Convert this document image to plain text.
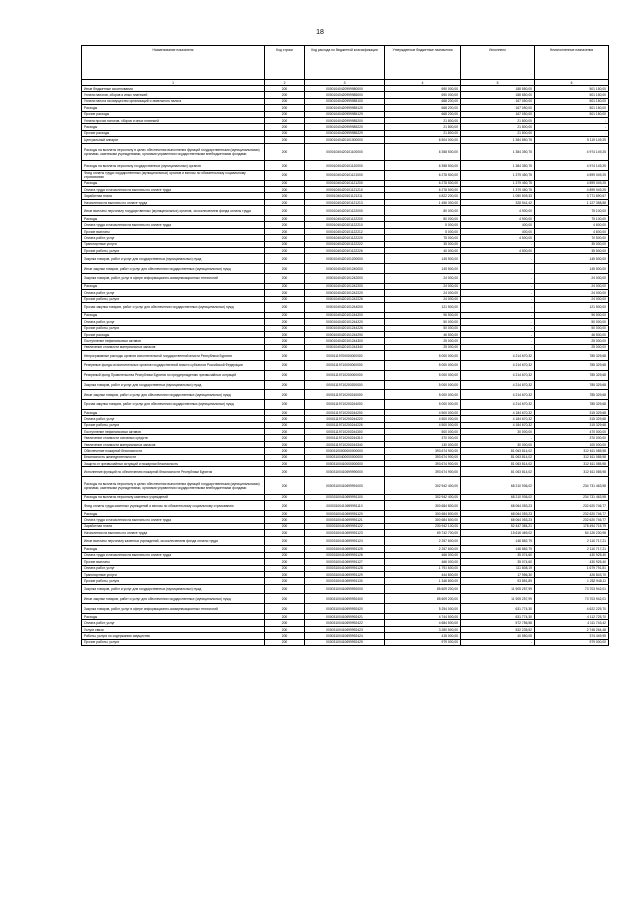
18
Наименование показателя	Код строки	Код расхода по бюджетной классификации	Утвержденные бюджетные назначения	Исполнено	Неисполненные назначения
1	2	3	4	5	6
Иные бюджетные ассигнования	200	00001040420999980000	690 000,00	188 850,00	501 150,00
Уплата налогов, сборов и иных платежей	200	00001040420999985000	690 000,00	188 850,00	501 150,00
Уплата налога на имущество организаций и земельного налога	200	00001040420999985100	668 200,00	167 050,00	501 150,00
Расходы	200	00001040420999985120	668 200,00	167 050,00	501 150,00
Прочие расходы	200	00001040420999985129	668 200,00	167 050,00	501 150,00
Уплата прочих налогов, сборов и иных платежей	200	00001040420999985200	21 800,00	21 800,00	-
Расходы	200	00001040420999985220	21 800,00	21 800,00	-
Прочие расходы	200	00001040420999985229	21 800,00	21 800,00	-
Центральный аппарат	200	00001040420101000000	6 504 000,00	1 384 850,75	5 119 149,25
Расходы на выплаты персоналу в целях обеспечения выполнения функций государственными (муниципальными) органами, казенными учреждениями, органами управления государственными внебюджетными фондами	200	00001040420101100000	6 358 500,00	1 384 350,75	4 974 149,25
Расходы на выплаты персоналу государственных (муниципальных) органов	200	00001040420101120000	6 358 500,00	1 384 350,75	4 974 149,25
Фонд оплаты труда государственных (муниципальных) органов и взносы по обязательному социальному страхованию	200	00001040420101121000	6 278 500,00	1 379 450,75	4 899 049,25
Расходы	200	00001040420101121200	6 278 500,00	1 379 450,75	4 899 049,25
Оплата труда и начисления на выплаты по оплате труда	200	00001040420101121210	6 278 500,00	1 379 450,75	4 899 049,25
Заработная плата	200	00001040420101121211	4 822 200,00	1 050 509,33	3 771 690,67
Начисления на выплаты по оплате труда	200	00001040420101121213	1 456 300,00	328 941,42	1 127 358,58
Иные выплаты персоналу государственных (муниципальных) органов, за исключением фонда оплаты труда	200	00001040420101122000	80 000,00	4 900,00	75 100,00
Расходы	200	00001040420101122200	80 000,00	4 900,00	75 100,00
Оплата труда и начисления на выплаты по оплате труда	200	00001040420101122210	5 000,00	400,00	4 600,00
Прочие выплаты	200	00001040420101122212	5 000,00	400,00	4 600,00
Оплата работ, услуг	200	00001040420101122220	75 000,00	4 500,00	70 500,00
Транспортные услуги	200	00001040420101122222	35 000,00	-	35 000,00
Прочие работы, услуги	200	00001040420101122226	40 000,00	4 500,00	35 500,00
Закупка товаров, работ и услуг для государственных (муниципальных) нужд	200	00001040420101200000	145 500,00	-	145 500,00
Иные закупки товаров, работ и услуг для обеспечения государственных (муниципальных) нужд	200	00001040420101240000	145 500,00	-	145 500,00
Закупка товаров, работ, услуг в сфере информационно-коммуникационных технологий	200	00001040420101242000	24 000,00	-	24 000,00
Расходы	200	00001040420101242200	24 000,00	-	24 000,00
Оплата работ, услуг	200	00001040420101242220	24 000,00	-	24 000,00
Прочие работы, услуги	200	00001040420101242226	24 000,00	-	24 000,00
Прочая закупка товаров, работ и услуг для обеспечения государственных (муниципальных) нужд	200	00001040420101244000	121 500,00	-	121 500,00
Расходы	200	00001040420101244200	96 500,00	-	96 500,00
Оплата работ, услуг	200	00001040420101244220	50 000,00	-	50 000,00
Прочие работы, услуги	200	00001040420101244226	50 000,00	-	50 000,00
Прочие расходы	200	00001040420101244290	46 500,00	-	46 500,00
Поступление нефинансовых активов	200	00001040420101244300	25 000,00	-	25 000,00
Увеличение стоимости материальных запасов	200	00001040420101244340	25 000,00	-	25 000,00
Непрограммные расходы органов исполнительной государственной власти Республики Бурятия	200	00001119700000000000	5 000 000,00	4 214 670,32	785 329,68
Резервные фонды исполнительных органов государственной власти субъектов Российской Федерации	200	00001119710000000000	5 000 000,00	4 214 670,32	785 329,68
Резервный фонд Правительства Республики Бурятия по предупреждению чрезвычайных ситуаций	200	00001119710200000000	5 000 000,00	4 214 670,32	785 329,68
Закупка товаров, работ и услуг для государственных (муниципальных) нужд	200	00001119710200200000	5 000 000,00	4 214 670,32	785 329,68
Иные закупки товаров, работ и услуг для обеспечения государственных (муниципальных) нужд	200	00001119710200240000	5 000 000,00	4 214 670,32	785 329,68
Прочая закупка товаров, работ и услуг для обеспечения государственных (муниципальных) нужд	200	00001119710200244000	5 000 000,00	4 214 670,32	785 329,68
Расходы	200	00001119710200244200	4 500 000,00	4 184 670,32	315 329,68
Оплата работ, услуг	200	00001119710200244220	4 500 000,00	4 184 670,32	315 329,68
Прочие работы, услуги	200	00001119710200244226	4 500 000,00	4 184 670,32	315 329,68
Поступление нефинансовых активов	200	00001119710200244300	500 000,00	30 000,00	470 000,00
Увеличение стоимости основных средств	200	00001119710200244310	370 000,00	-	370 000,00
Увеличение стоимости материальных запасов	200	00001119710200244340	130 000,00	30 000,00	100 000,00
Обеспечение пожарной безопасности	200	00003100000000000000	393 674 900,00	81 063 814,02	312 611 085,98
Безопасность жизнедеятельности	200	00003100400000000000	393 674 900,00	81 063 814,02	312 611 085,98
Защита от чрезвычайных ситуаций и пожарная безопасность	200	00003100410000000000	393 674 900,00	81 063 814,02	312 611 085,98
Исполнение функций по обеспечению пожарной безопасности Республики Бурятия	200	00003100410699990000	393 674 900,00	81 063 814,02	312 611 085,98
Расходы на выплаты персоналу в целях обеспечения выполнения функций государственными (муниципальными) органами, казенными учреждениями, органами управления государственными внебюджетными фондами	200	00003100410699991000	302 942 400,00	68 210 936,02	234 731 463,98
Расходы на выплаты персоналу казенных учреждений	200	00003100410699991100	302 942 400,00	68 210 936,02	234 731 463,98
Фонд оплаты труда казенных учреждений и взносы по обязательному социальному страхованию	200	00003100410699991110	300 684 800,00	68 064 053,23	232 620 746,77
Расходы	200	00003100410699991120	300 684 800,00	68 064 053,23	232 620 746,77
Оплата труда и начисления на выплаты по оплате труда	200	00003100410699991121	300 684 800,00	68 064 053,23	232 620 746,77
Заработная плата	200	00003100410699991122	230 942 100,00	52 447 384,21	178 494 715,79
Начисления на выплаты по оплате труда	200	00003100410699991123	69 742 700,00	15 616 469,02	54 126 230,98
Иные выплаты персоналу казенных учреждений, за исключением фонда оплаты труда	200	00003100410699991124	2 257 600,00	146 882,79	2 110 717,21
Расходы	200	00003100410699991125	2 257 600,00	146 882,79	2 110 717,21
Оплата труда и начисления на выплаты по оплате труда	200	00003100410699991126	466 000,00	35 074,60	430 925,40
Прочие выплаты	200	00003100410699991127	466 000,00	35 074,60	430 925,40
Оплата работ, услуг	200	00003100410699991128	1 791 600,00	111 808,19	1 679 791,81
Транспортные услуги	200	00003100410699991129	444 800,00	17 956,30	426 843,70
Прочие работы, услуги	200	00003100410699991130	1 346 800,00	93 851,89	1 252 948,11
Закупка товаров, работ и услуг для государственных (муниципальных) нужд	200	00003100410699992000	85 609 200,00	11 905 257,99	73 703 942,01
Иные закупки товаров, работ и услуг для обеспечения государственных (муниципальных) нужд	200	00003100410699992400	85 609 200,00	11 905 257,99	73 703 942,01
Закупка товаров, работ, услуг в сфере информационно-коммуникационных технологий	200	00003100410699992420	5 254 000,00	631 774,30	4 622 225,70
Расходы	200	00003100410699992421	4 744 500,00	631 774,30	4 112 725,70
Оплата работ, услуг	200	00003100410699992422	4 684 500,00	572 756,58	4 111 743,42
Услуги связи	200	00003100410699992423	3 280 500,00	532 235,52	2 748 264,48
Работы, услуги по содержанию имущества	200	00003100410699992424	415 000,00	40 550,05	374 449,95
Прочие работы, услуги	200	00003100410699992425	979 000,00	-	979 000,00
